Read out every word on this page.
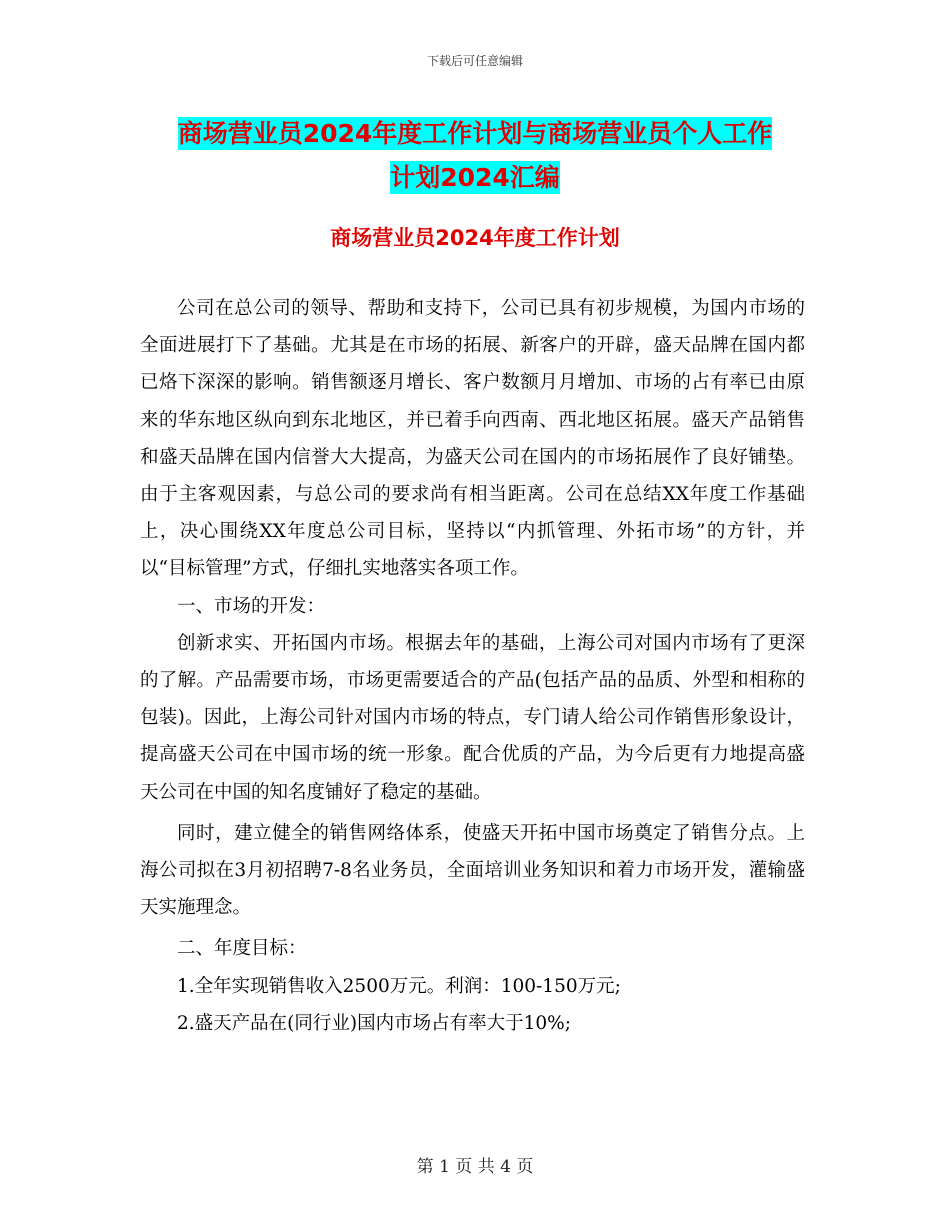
下载后可任意编辑
商场营业员2024年度工作计划与商场营业员个人工作
计划2024汇编
商场营业员2024年度工作计划

公司在总公司的领导、帮助和支持下，公司已具有初步规模，为国内市场的全面进展打下了基础。尤其是在市场的拓展、新客户的开辟，盛天品牌在国内都已烙下深深的影响。销售额逐月增长、客户数额月月增加、市场的占有率已由原来的华东地区纵向到东北地区，并已着手向西南、西北地区拓展。盛天产品销售和盛天品牌在国内信誉大大提高，为盛天公司在国内的市场拓展作了良好铺垫。由于主客观因素，与总公司的要求尚有相当距离。公司在总结XX年度工作基础上，决心围绕XX年度总公司目标，坚持以“内抓管理、外拓市场”的方针，并以“目标管理”方式，仔细扎实地落实各项工作。

一、市场的开发：

创新求实、开拓国内市场。根据去年的基础，上海公司对国内市场有了更深的了解。产品需要市场，市场更需要适合的产品(包括产品的品质、外型和相称的包装)。因此，上海公司针对国内市场的特点，专门请人给公司作销售形象设计，提高盛天公司在中国市场的统一形象。配合优质的产品，为今后更有力地提高盛天公司在中国的知名度铺好了稳定的基础。

同时，建立健全的销售网络体系，使盛天开拓中国市场奠定了销售分点。上海公司拟在3月初招聘7-8名业务员，全面培训业务知识和着力市场开发，灌输盛天实施理念。

二、年度目标：

1.全年实现销售收入2500万元。利润：100-150万元;

2.盛天产品在(同行业)国内市场占有率大于10%;

第 1 页 共 4 页
